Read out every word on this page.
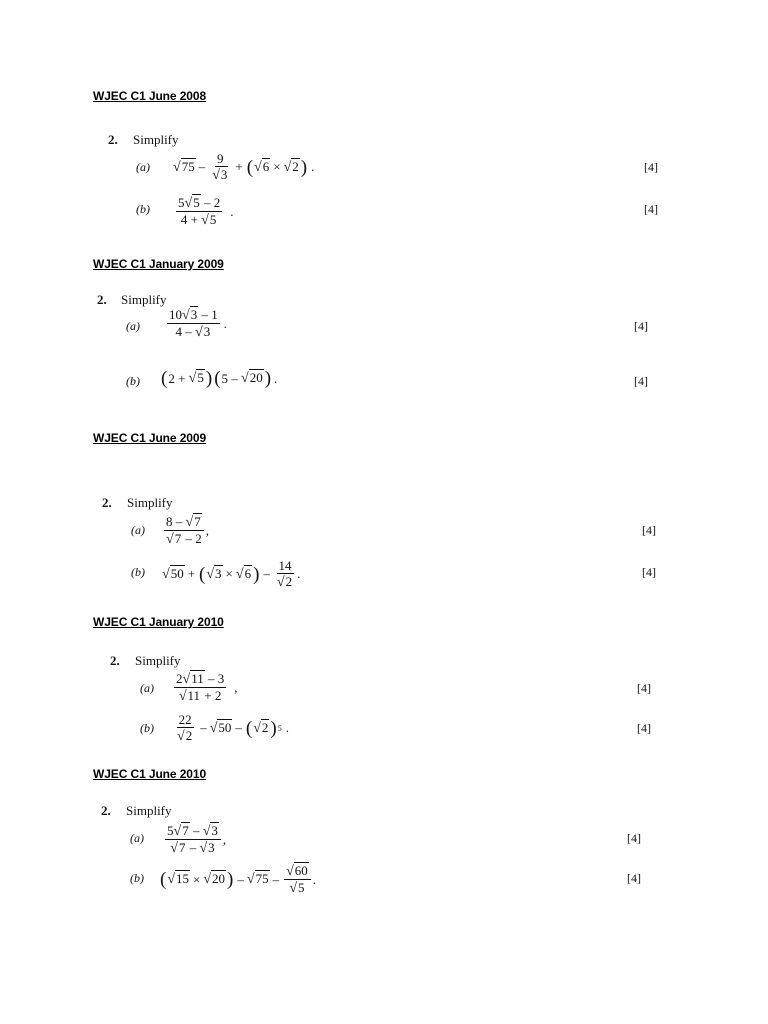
WJEC C1 June 2008
2. Simplify
(a) $√75 - \frac{9}{√3}$ + ( √6 × √2 ) .	[4]
$(b) \frac{5√5 - 2}{4 + √5}$ .	[4]
WJEC C1 January 2009
2. Simplify
$(a) \frac{10√3 - 1}{4 - √3}$ .	[4]
(b) ( 2 +
√5 ) ( 5 –
√20 ) .	[4]
WJEC C1 June 2009
2. Simplify
$(a) \frac{8 - √7}{√7 - 2}$ ,	[4]
(b) √50 + ( √3 × √6 ) – $\frac{14}{√2}$ .	[4]
WJEC C1 January 2010
2. Simplify
$(a) \frac{2√11 - 3}{√11 + 2}$ ,	[4]
$(b) \frac{22}{√2} - √50$ – ( √2 ) 5 .	[4]
WJEC C1 June 2010
2. Simplify
$(a) \frac{5√7 - √3}{√7 - √3}$ ,	[4]
(b) ( √15 × √20 ) – $√75 - \frac{√60}{√5}$ .	[4]
